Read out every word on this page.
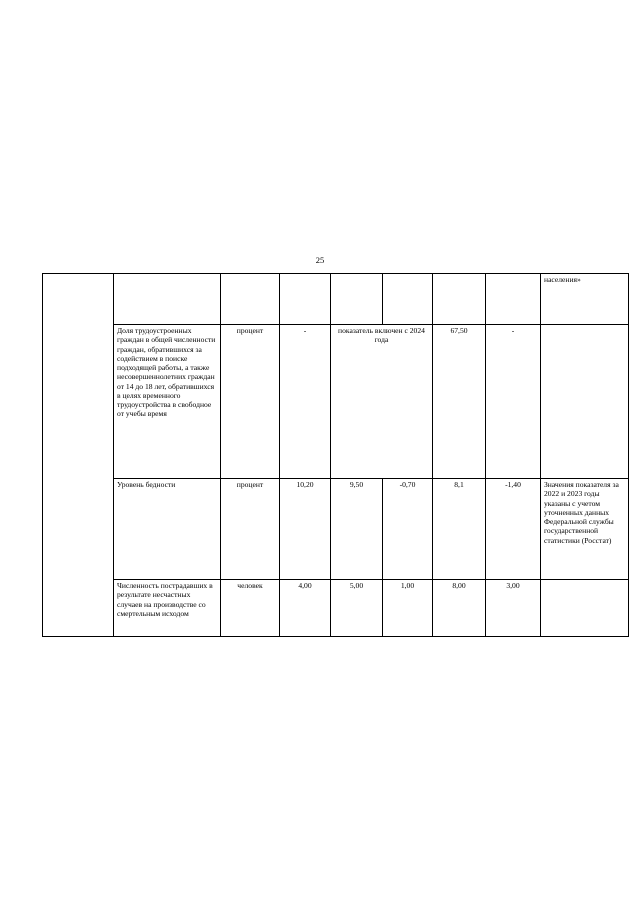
25
								населения»
	Доля трудоустроенных граждан в общей численности граждан, обратившихся за содействием в поиске подходящей работы, а также несовершеннолетних граждан от 14 до 18 лет, обратившихся в целях временного трудоустройства в свободное от учебы время	процент	-	показатель включен с 2024 года		67,50	-	
	Уровень бедности	процент	10,20	9,50	-0,70	8,1	-1,40	Значения показателя за 2022 и 2023 годы указаны с учетом уточненных данных Федеральной службы государственной статистики (Росстат)
	Численность пострадавших в результате несчастных случаев на производстве со смертельным исходом	человек	4,00	5,00	1,00	8,00	3,00	
